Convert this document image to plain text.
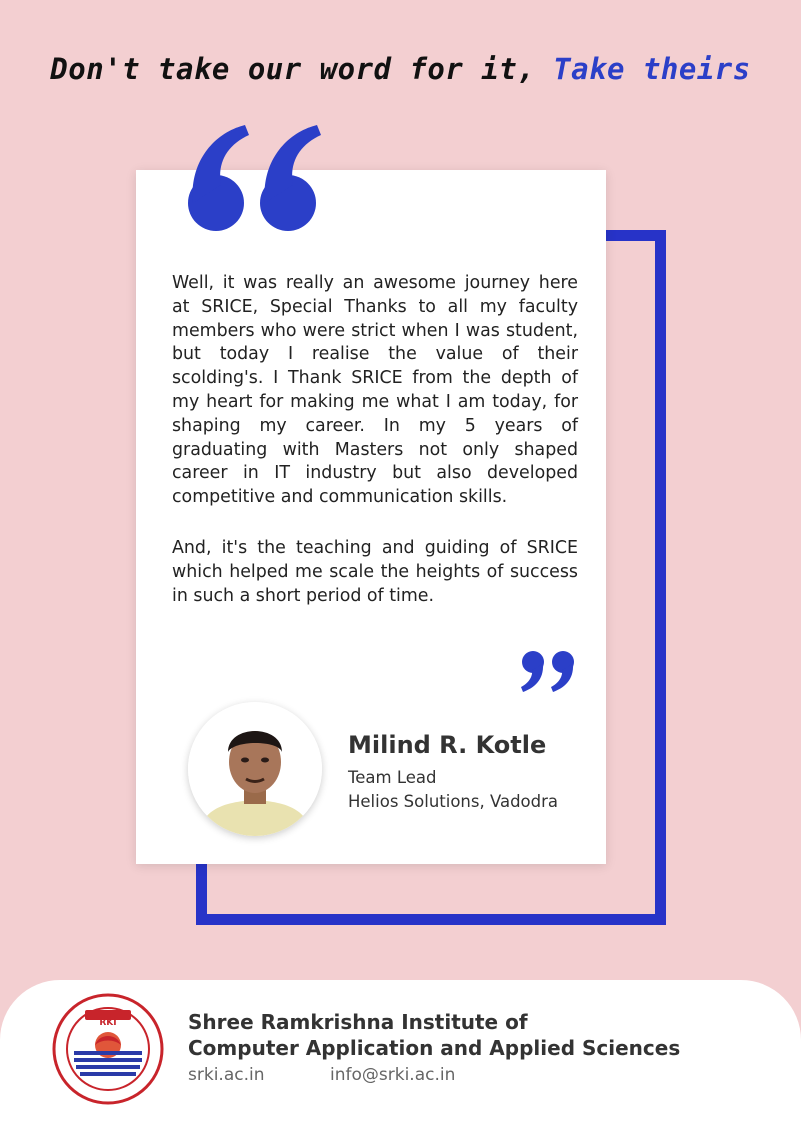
Don't take our word for it, Take theirs

Well, it was really an awesome journey here at SRICE, Special Thanks to all my faculty members who were strict when I was student, but today I realise the value of their scolding's. I Thank SRICE from the depth of my heart for making me what I am today, for shaping my career. In my 5 years of graduating with Masters not only shaped career in IT industry but also developed competitive and communication skills.

And, it's the teaching and guiding of SRICE which helped me scale the heights of success in such a short period of time.

Milind R. Kotle
Team Lead
Helios Solutions, Vadodra
RKI	Shree Ramkrishna Institute of
Computer Application and Applied Sciences
srki.ac.in	info@srki.ac.in
